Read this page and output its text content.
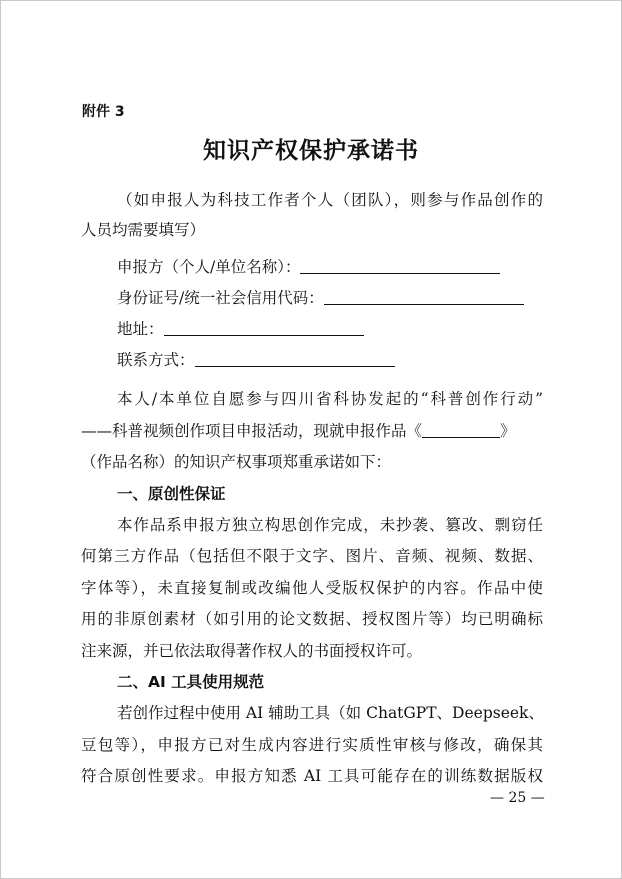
附件 3
知识产权保护承诺书
（如申报人为科技工作者个人（团队），则参与作品创作的
人员均需要填写）
申报方（个人/单位名称）：
身份证号/统一社会信用代码：
地址：
联系方式：
本人/本单位自愿参与四川省科协发起的“科普创作行动”
——科普视频创作项目申报活动，现就申报作品《	》
（作品名称）的知识产权事项郑重承诺如下：
一、原创性保证
本作品系申报方独立构思创作完成，未抄袭、篡改、剽窃任
何第三方作品（包括但不限于文字、图片、音频、视频、数据、
字体等），未直接复制或改编他人受版权保护的内容。作品中使
用的非原创素材（如引用的论文数据、授权图片等）均已明确标
注来源，并已依法取得著作权人的书面授权许可。
二、AI 工具使用规范
若创作过程中使用 AI 辅助工具（如 ChatGPT、Deepseek、
豆包等），申报方已对生成内容进行实质性审核与修改，确保其
符合原创性要求。申报方知悉 AI 工具可能存在的训练数据版权
— 25 —
